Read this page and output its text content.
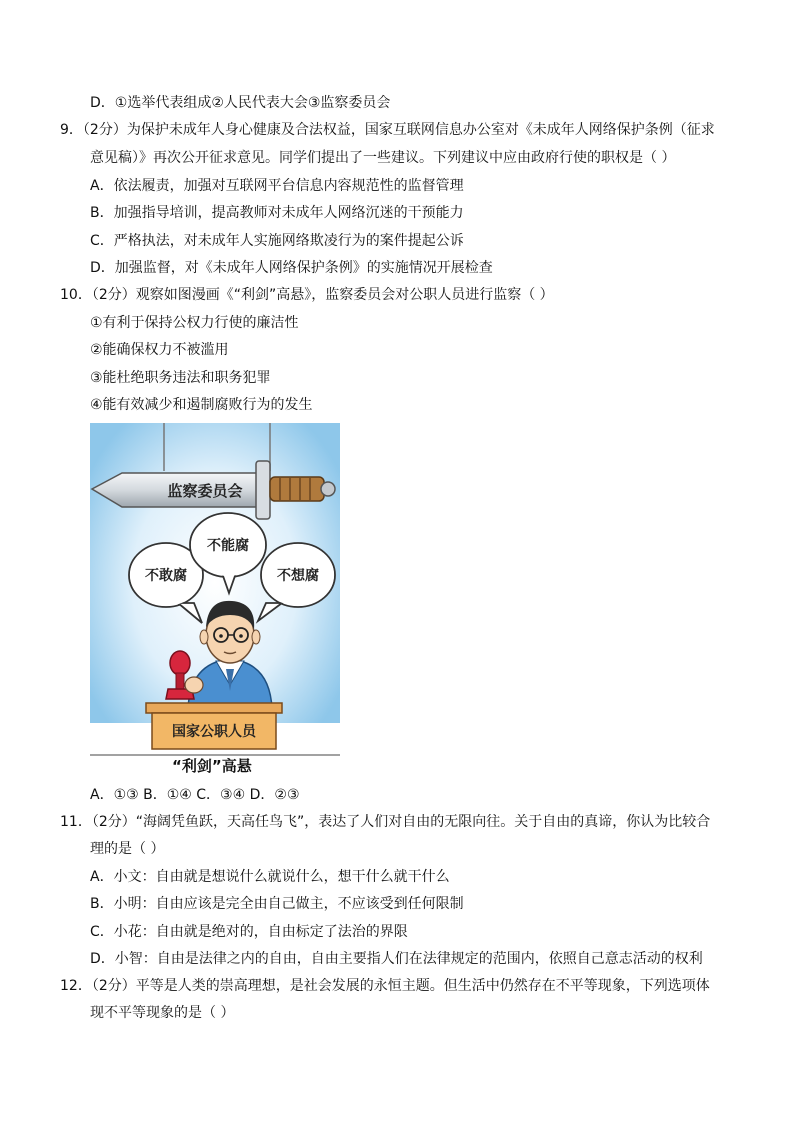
D．①选举代表组成②人民代表大会③监察委员会
9．（2分）为保护未成年人身心健康及合法权益，国家互联网信息办公室对《未成年人网络保护条例（征求
意见稿）》再次公开征求意见。同学们提出了一些建议。下列建议中应由政府行使的职权是（ ）
A．依法履责，加强对互联网平台信息内容规范性的监督管理
B．加强指导培训，提高教师对未成年人网络沉迷的干预能力
C．严格执法，对未成年人实施网络欺凌行为的案件提起公诉
D．加强监督，对《未成年人网络保护条例》的实施情况开展检查
10．（2分）观察如图漫画《“利剑”高悬》，监察委员会对公职人员进行监察（ ）
①有利于保持公权力行使的廉洁性
②能确保权力不被滥用
③能杜绝职务违法和职务犯罪
④能有效减少和遏制腐败行为的发生
监察委员会
不敢腐
不能腐
不想腐
国家公职人员
“利剑”高悬
A．①③ B．①④ C．③④ D．②③
11．（2分）“海阔凭鱼跃，天高任鸟飞”，表达了人们对自由的无限向往。关于自由的真谛，你认为比较合
理的是（ ）
A．小文：自由就是想说什么就说什么，想干什么就干什么
B．小明：自由应该是完全由自己做主，不应该受到任何限制
C．小花：自由就是绝对的，自由标定了法治的界限
D．小智：自由是法律之内的自由，自由主要指人们在法律规定的范围内，依照自己意志活动的权利
12．（2分）平等是人类的崇高理想，是社会发展的永恒主题。但生活中仍然存在不平等现象，下列选项体
现不平等现象的是（ ）
